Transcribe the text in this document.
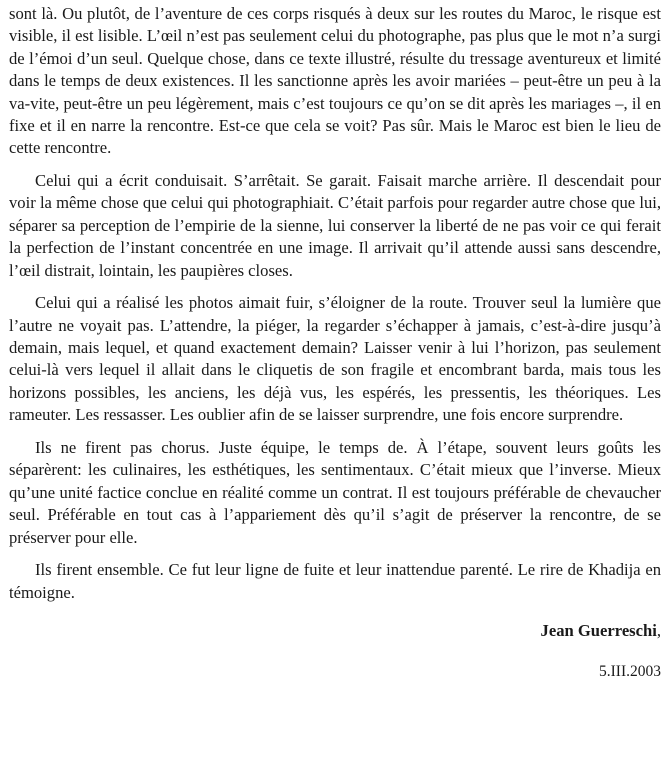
sont là. Ou plutôt, de l’aventure de ces corps risqués à deux sur les routes du Maroc, le risque est visible, il est lisible. L’œil n’est pas seulement celui du photographe, pas plus que le mot n’a surgi de l’émoi d’un seul. Quelque chose, dans ce texte illustré, résulte du tressage aventureux et limité dans le temps de deux existences. Il les sanctionne après les avoir mariées – peut-être un peu à la va-vite, peut-être un peu légèrement, mais c’est toujours ce qu’on se dit après les mariages –, il en fixe et il en narre la rencontre. Est-ce que cela se voit? Pas sûr. Mais le Maroc est bien le lieu de cette rencontre.

Celui qui a écrit conduisait. S’arrêtait. Se garait. Faisait marche arrière. Il descendait pour voir la même chose que celui qui photographiait. C’était parfois pour regarder autre chose que lui, séparer sa perception de l’empirie de la sienne, lui conserver la liberté de ne pas voir ce qui ferait la perfection de l’instant concentrée en une image. Il arrivait qu’il attende aussi sans descendre, l’œil distrait, lointain, les paupières closes.

Celui qui a réalisé les photos aimait fuir, s’éloigner de la route. Trouver seul la lumière que l’autre ne voyait pas. L’attendre, la piéger, la regarder s’échapper à jamais, c’est-à-dire jusqu’à demain, mais lequel, et quand exactement demain? Laisser venir à lui l’horizon, pas seulement celui-là vers lequel il allait dans le cliquetis de son fragile et encombrant barda, mais tous les horizons possibles, les anciens, les déjà vus, les espérés, les pressentis, les théoriques. Les rameuter. Les ressasser. Les oublier afin de se laisser surprendre, une fois encore surprendre.

Ils ne firent pas chorus. Juste équipe, le temps de. À l’étape, souvent leurs goûts les séparèrent: les culinaires, les esthétiques, les sentimentaux. C’était mieux que l’inverse. Mieux qu’une unité factice conclue en réalité comme un contrat. Il est toujours préférable de chevaucher seul. Préférable en tout cas à l’appariement dès qu’il s’agit de préserver la rencontre, de se préserver pour elle.

Ils firent ensemble. Ce fut leur ligne de fuite et leur inattendue parenté. Le rire de Khadija en témoigne.

Jean Guerreschi,

5.III.2003
